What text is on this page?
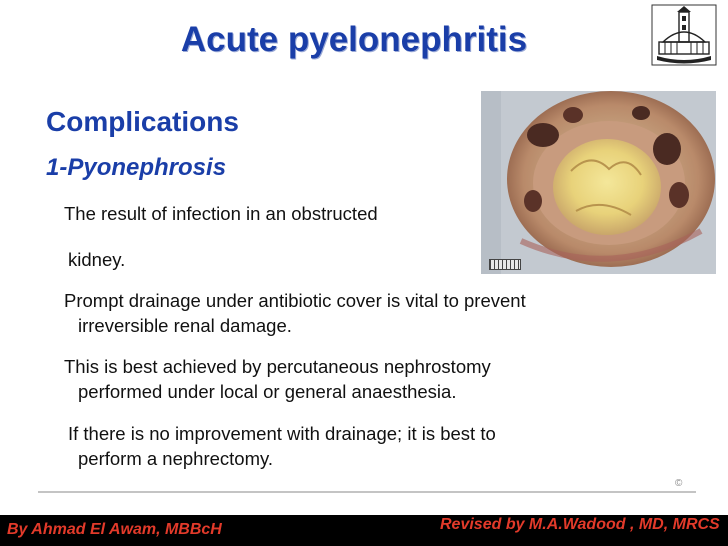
Acute pyelonephritis
Complications
1-Pyonephrosis
The result of infection in an obstructed
kidney.
Prompt drainage under antibiotic cover is vital to prevent
irreversible renal damage.
This is best achieved by percutaneous nephrostomy
performed under local or general anaesthesia.
If there is no improvement with drainage; it is best to
perform a nephrectomy.
©
By Ahmad El Awam, MBBcH	Revised by M.A.Wadood , MD, MRCS
